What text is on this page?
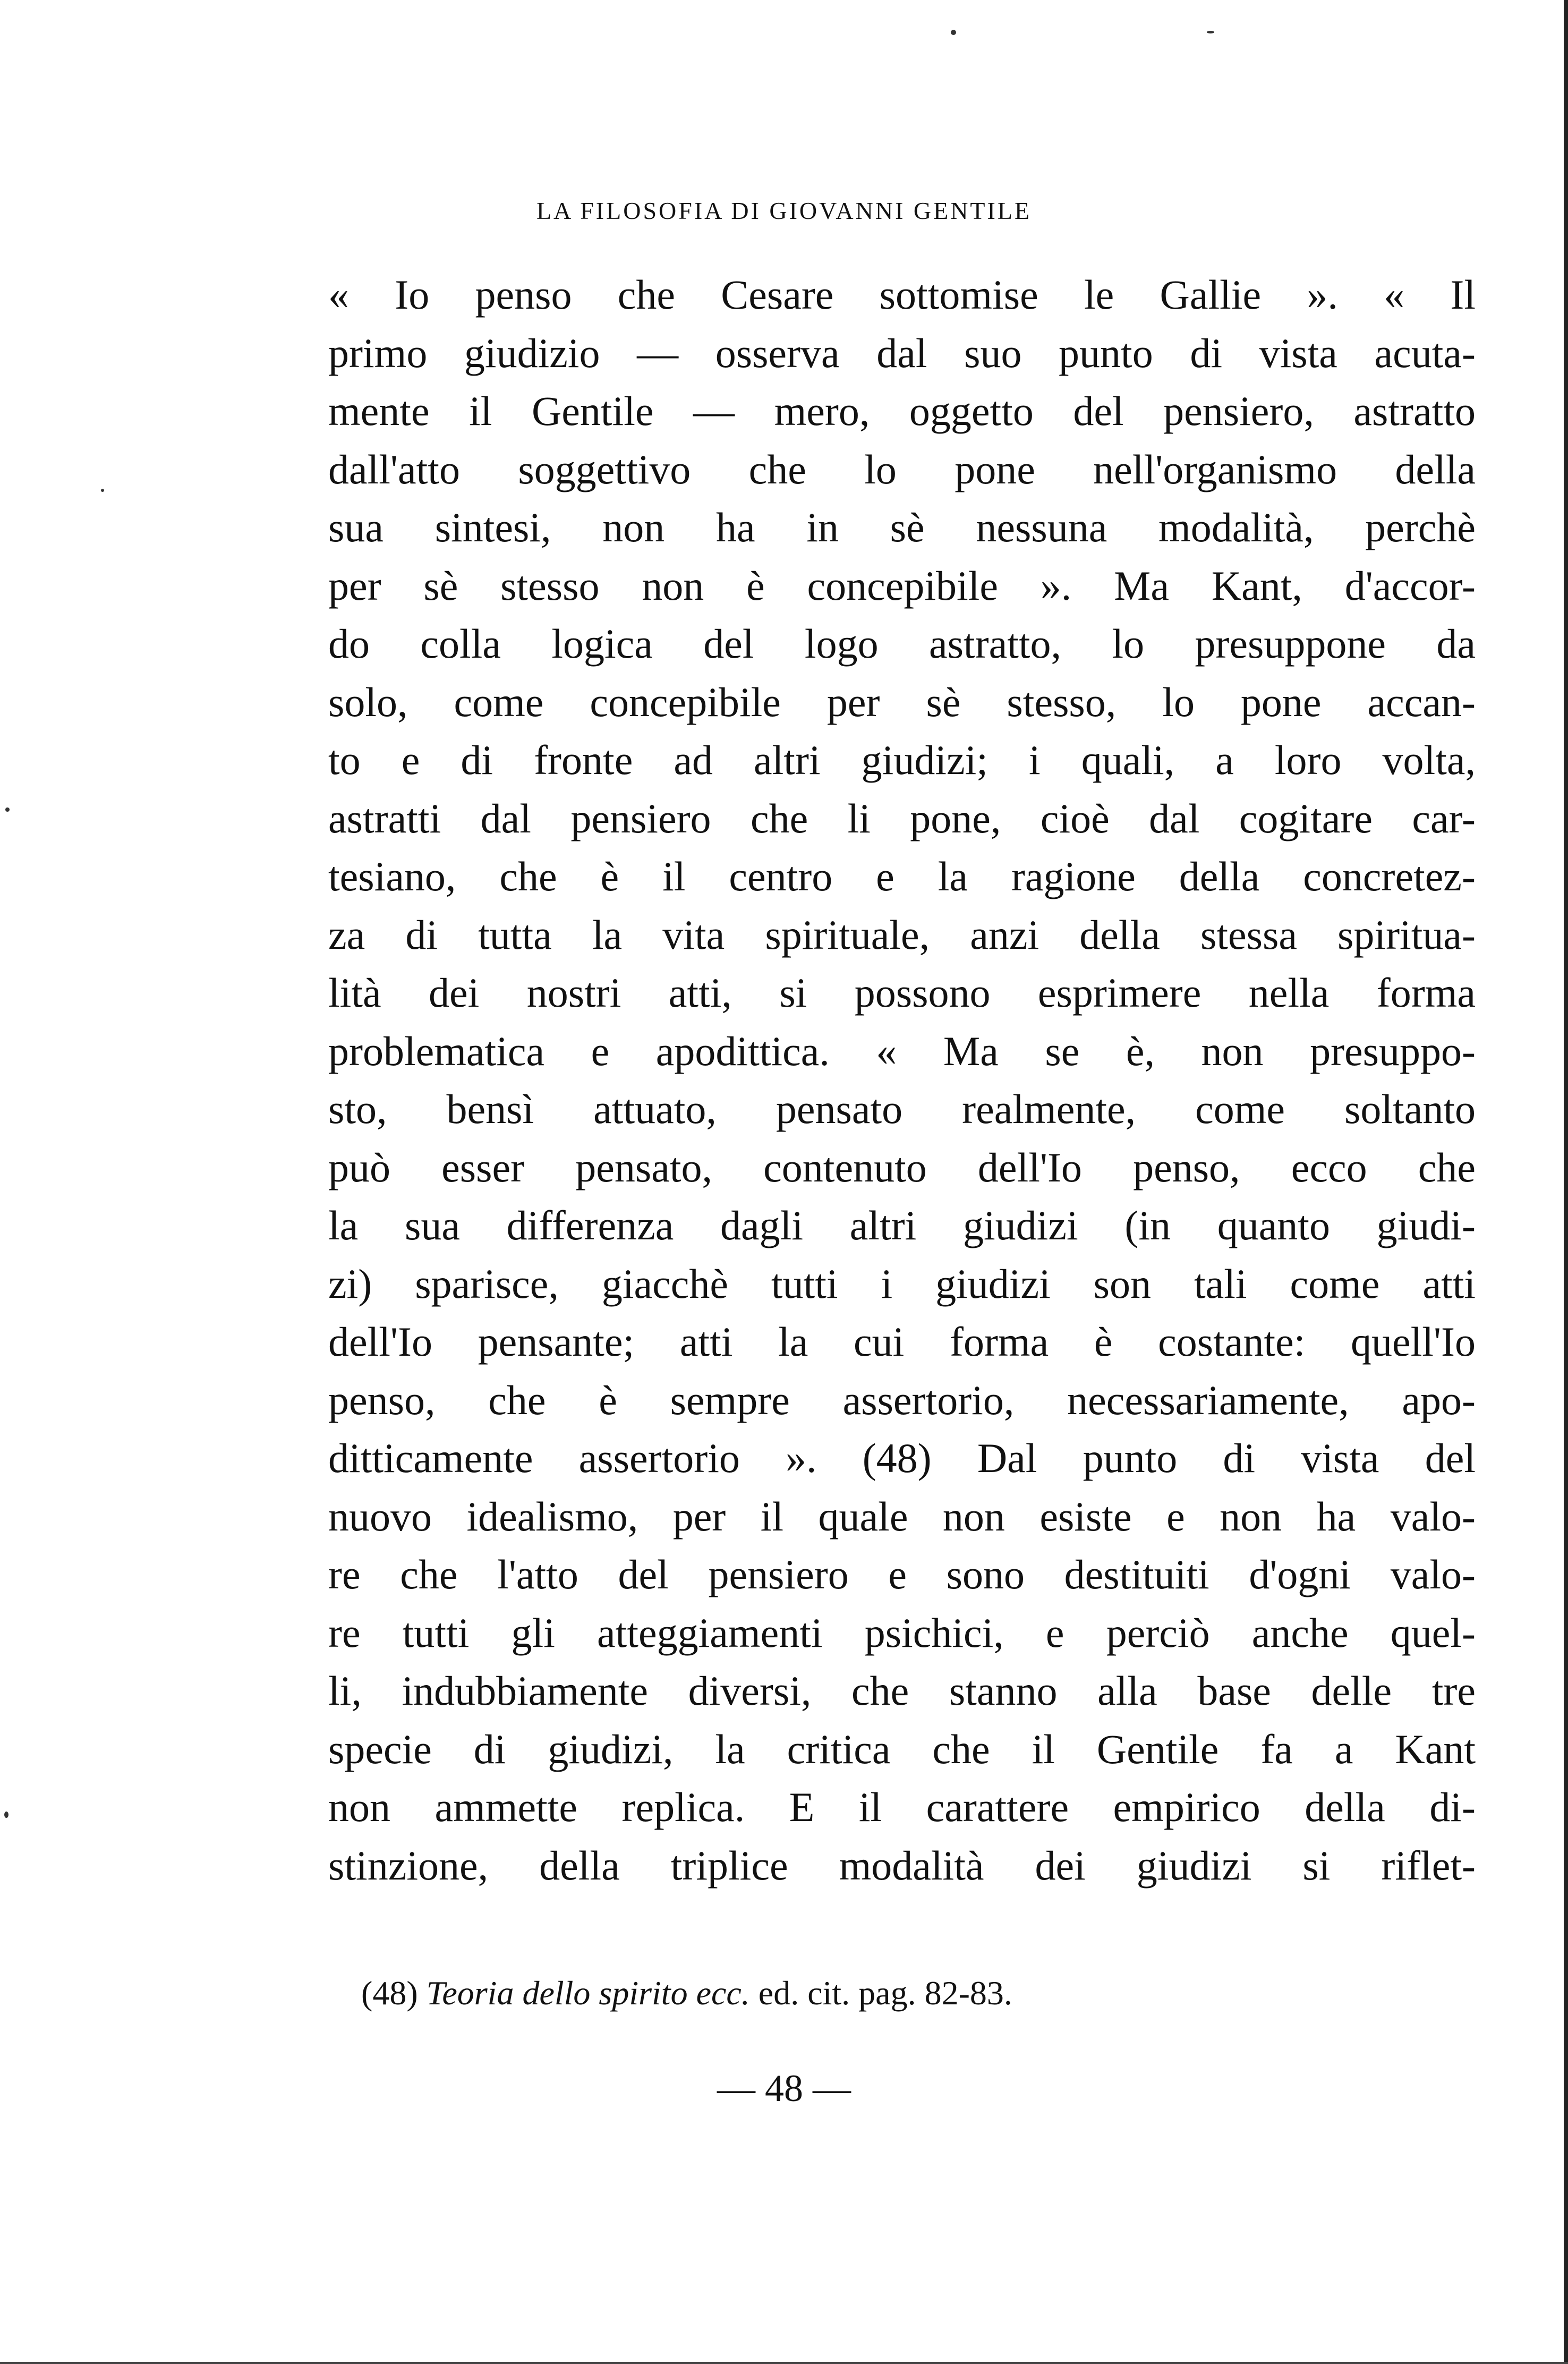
LA FILOSOFIA DI GIOVANNI GENTILE
« Io penso che Cesare sottomise le Gallie ». « Il
primo giudizio — osserva dal suo punto di vista acuta-
mente il Gentile — mero, oggetto del pensiero, astratto
dall'atto soggettivo che lo pone nell'organismo della
sua sintesi, non ha in sè nessuna modalità, perchè
per sè stesso non è concepibile ». Ma Kant, d'accor-
do colla logica del logo astratto, lo presuppone da
solo, come concepibile per sè stesso, lo pone accan-
to e di fronte ad altri giudizi; i quali, a loro volta,
astratti dal pensiero che li pone, cioè dal cogitare car-
tesiano, che è il centro e la ragione della concretez-
za di tutta la vita spirituale, anzi della stessa spiritua-
lità dei nostri atti, si possono esprimere nella forma
problematica e apodittica. « Ma se è, non presuppo-
sto, bensì attuato, pensato realmente, come soltanto
può esser pensato, contenuto dell'Io penso, ecco che
la sua differenza dagli altri giudizi (in quanto giudi-
zi) sparisce, giacchè tutti i giudizi son tali come atti
dell'Io pensante; atti la cui forma è costante: quell'Io
penso, che è sempre assertorio, necessariamente, apo-
ditticamente assertorio ». (48) Dal punto di vista del
nuovo idealismo, per il quale non esiste e non ha valo-
re che l'atto del pensiero e sono destituiti d'ogni valo-
re tutti gli atteggiamenti psichici, e perciò anche quel-
li, indubbiamente diversi, che stanno alla base delle tre
specie di giudizi, la critica che il Gentile fa a Kant
non ammette replica. E il carattere empirico della di-
stinzione, della triplice modalità dei giudizi si riflet-
(48) Teoria dello spirito ecc. ed. cit. pag. 82-83.
— 48 —
